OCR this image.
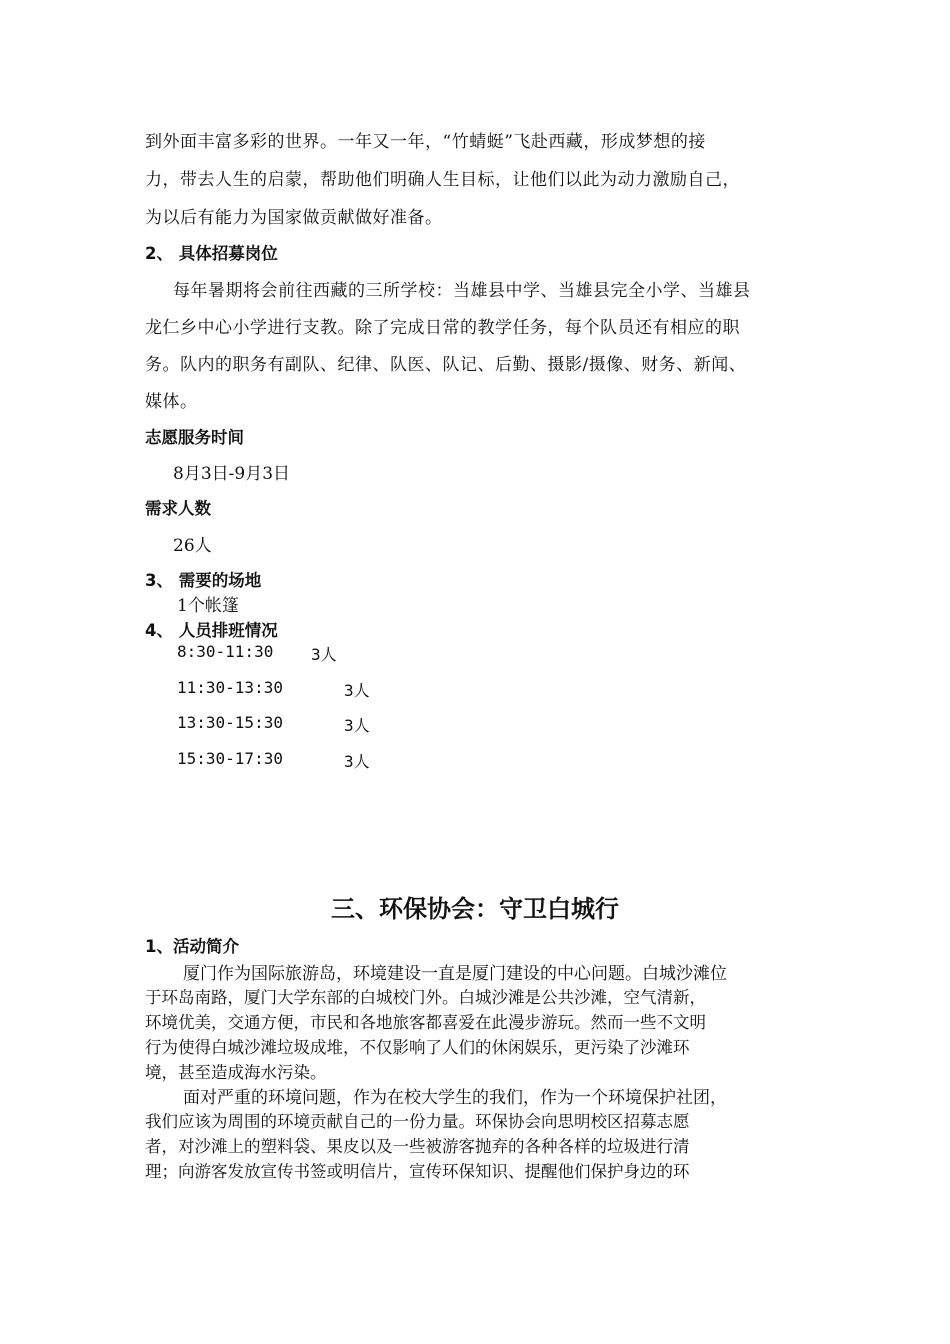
到外面丰富多彩的世界。一年又一年，“竹蜻蜓”飞赴西藏，形成梦想的接
力，带去人生的启蒙，帮助他们明确人生目标，让他们以此为动力激励自己，
为以后有能力为国家做贡献做好准备。
2、 具体招募岗位
每年暑期将会前往西藏的三所学校：当雄县中学、当雄县完全小学、当雄县
龙仁乡中心小学进行支教。除了完成日常的教学任务，每个队员还有相应的职
务。队内的职务有副队、纪律、队医、队记、后勤、摄影/摄像、财务、新闻、
媒体。
志愿服务时间
8月3日-9月3日
需求人数
26人
3、 需要的场地
1个帐篷
4、 人员排班情况
8:30-11:30 3人
11:30-13:30	3人
13:30-15:30	3人
15:30-17:30	3人
三、环保协会：守卫白城行
1、活动简介
厦门作为国际旅游岛，环境建设一直是厦门建设的中心问题。白城沙滩位
于环岛南路，厦门大学东部的白城校门外。白城沙滩是公共沙滩，空气清新，
环境优美，交通方便，市民和各地旅客都喜爱在此漫步游玩。然而一些不文明
行为使得白城沙滩垃圾成堆，不仅影响了人们的休闲娱乐，更污染了沙滩环
境，甚至造成海水污染。
面对严重的环境问题，作为在校大学生的我们，作为一个环境保护社团，
我们应该为周围的环境贡献自己的一份力量。环保协会向思明校区招募志愿
者，对沙滩上的塑料袋、果皮以及一些被游客抛弃的各种各样的垃圾进行清
理；向游客发放宣传书签或明信片，宣传环保知识、提醒他们保护身边的环
